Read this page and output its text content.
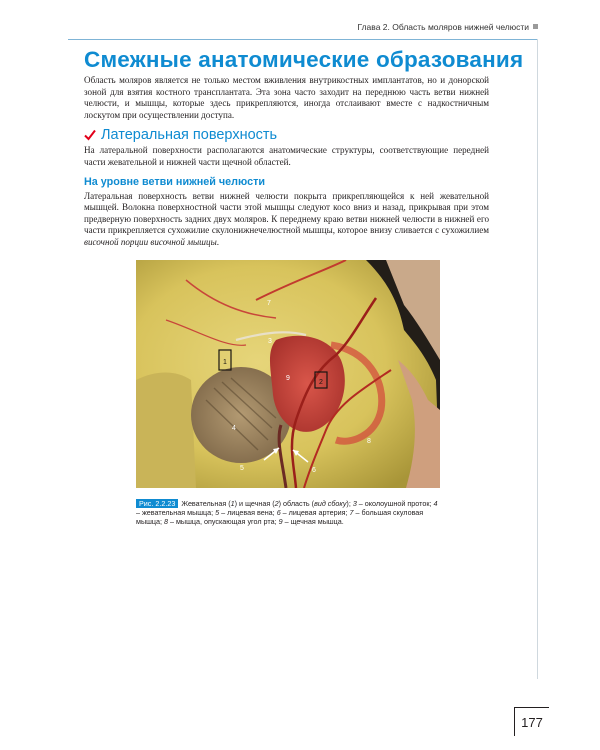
Глава 2. Область моляров нижней челюсти
Смежные анатомические образования

Область моляров является не только местом вживления внутрикостных имплантатов, но и донорской зоной для взятия костного трансплантата. Эта зона часто заходит на переднюю часть ветви нижней челюсти, и мышцы, которые здесь прикрепляются, иногда отслаивают вместе с надкостничным лоскутом при осуществлении доступа.

Латеральная поверхность

На латеральной поверхности располагаются анатомические структуры, соответствующие передней части жевательной и нижней части щечной областей.

На уровне ветви нижней челюсти

Латеральная поверхность ветви нижней челюсти покрыта прикрепляющейся к ней жевательной мышцей. Волокна поверхностной части этой мышцы следуют косо вниз и назад, прикрывая при этом предверную поверхность задних двух моляров. К переднему краю ветви нижней челюсти в нижней его части прикрепляется сухожилие скулонижнечелюстной мышцы, которое внизу сливается с сухожилием височной порции височной мышцы.

1
2
3
4
5	6
7
8
9
Рис. 2.2.23 Жевательная (1) и щечная (2) область (вид сбоку); 3 – околоушной проток; 4 – жевательная мышца; 5 – лицевая вена; 6 – лицевая артерия; 7 – большая скуловая мышца; 8 – мышца, опускающая угол рта; 9 – щечная мышца.
177
